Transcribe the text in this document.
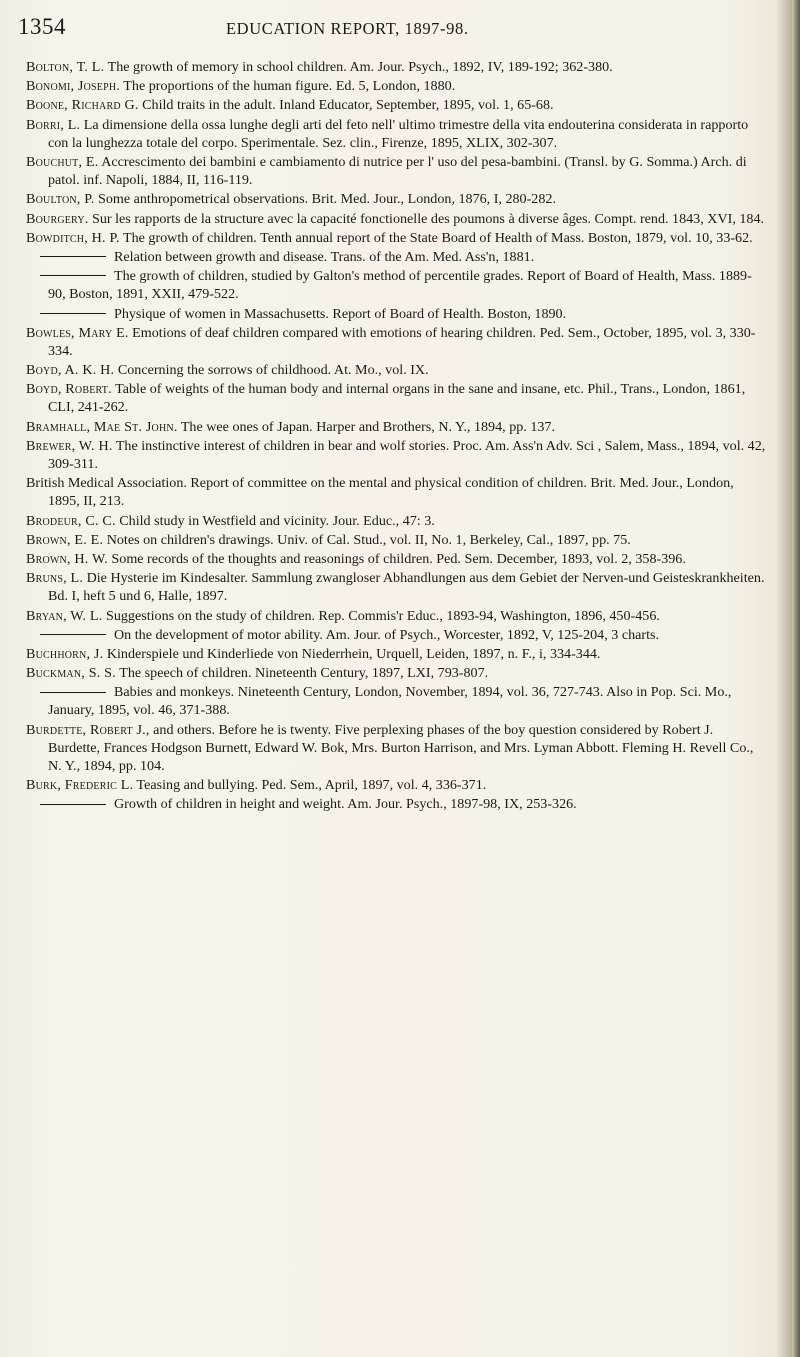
1354	EDUCATION REPORT, 1897-98.
Bolton, T. L. The growth of memory in school children. Am. Jour. Psych., 1892, IV, 189-192; 362-380.
Bonomi, Joseph. The proportions of the human figure. Ed. 5, London, 1880.
Boone, Richard G. Child traits in the adult. Inland Educator, September, 1895, vol. 1, 65-68.
Borri, L. La dimensione della ossa lunghe degli arti del feto nell' ultimo trimestre della vita endouterina considerata in rapporto con la lunghezza totale del corpo. Sperimentale. Sez. clin., Firenze, 1895, XLIX, 302-307.
Bouchut, E. Accrescimento dei bambini e cambiamento di nutrice per l' uso del pesa-bambini. (Transl. by G. Somma.) Arch. di patol. inf. Napoli, 1884, II, 116-119.
Boulton, P. Some anthropometrical observations. Brit. Med. Jour., London, 1876, I, 280-282.
Bourgery. Sur les rapports de la structure avec la capacité fonctionelle des poumons à diverse âges. Compt. rend. 1843, XVI, 184.
Bowditch, H. P. The growth of children. Tenth annual report of the State Board of Health of Mass. Boston, 1879, vol. 10, 33-62.
Relation between growth and disease. Trans. of the Am. Med. Ass'n, 1881.
The growth of children, studied by Galton's method of percentile grades. Report of Board of Health, Mass. 1889-90, Boston, 1891, XXII, 479-522.
Physique of women in Massachusetts. Report of Board of Health. Boston, 1890.
Bowles, Mary E. Emotions of deaf children compared with emotions of hearing children. Ped. Sem., October, 1895, vol. 3, 330-334.
Boyd, A. K. H. Concerning the sorrows of childhood. At. Mo., vol. IX.
Boyd, Robert. Table of weights of the human body and internal organs in the sane and insane, etc. Phil., Trans., London, 1861, CLI, 241-262.
Bramhall, Mae St. John. The wee ones of Japan. Harper and Brothers, N. Y., 1894, pp. 137.
Brewer, W. H. The instinctive interest of children in bear and wolf stories. Proc. Am. Ass'n Adv. Sci , Salem, Mass., 1894, vol. 42, 309-311.
British Medical Association. Report of committee on the mental and physical condition of children. Brit. Med. Jour., London, 1895, II, 213.
Brodeur, C. C. Child study in Westfield and vicinity. Jour. Educ., 47: 3.
Brown, E. E. Notes on children's drawings. Univ. of Cal. Stud., vol. II, No. 1, Berkeley, Cal., 1897, pp. 75.
Brown, H. W. Some records of the thoughts and reasonings of children. Ped. Sem. December, 1893, vol. 2, 358-396.
Bruns, L. Die Hysterie im Kindesalter. Sammlung zwangloser Abhandlungen aus dem Gebiet der Nerven-und Geisteskrankheiten. Bd. I, heft 5 und 6, Halle, 1897.
Bryan, W. L. Suggestions on the study of children. Rep. Commis'r Educ., 1893-94, Washington, 1896, 450-456.
On the development of motor ability. Am. Jour. of Psych., Worcester, 1892, V, 125-204, 3 charts.
Buchhorn, J. Kinderspiele und Kinderliede von Niederrhein, Urquell, Leiden, 1897, n. F., i, 334-344.
Buckman, S. S. The speech of children. Nineteenth Century, 1897, LXI, 793-807.
Babies and monkeys. Nineteenth Century, London, November, 1894, vol. 36, 727-743. Also in Pop. Sci. Mo., January, 1895, vol. 46, 371-388.
Burdette, Robert J., and others. Before he is twenty. Five perplexing phases of the boy question considered by Robert J. Burdette, Frances Hodgson Burnett, Edward W. Bok, Mrs. Burton Harrison, and Mrs. Lyman Abbott. Fleming H. Revell Co., N. Y., 1894, pp. 104.
Burk, Frederic L. Teasing and bullying. Ped. Sem., April, 1897, vol. 4, 336-371.
Growth of children in height and weight. Am. Jour. Psych., 1897-98, IX, 253-326.
